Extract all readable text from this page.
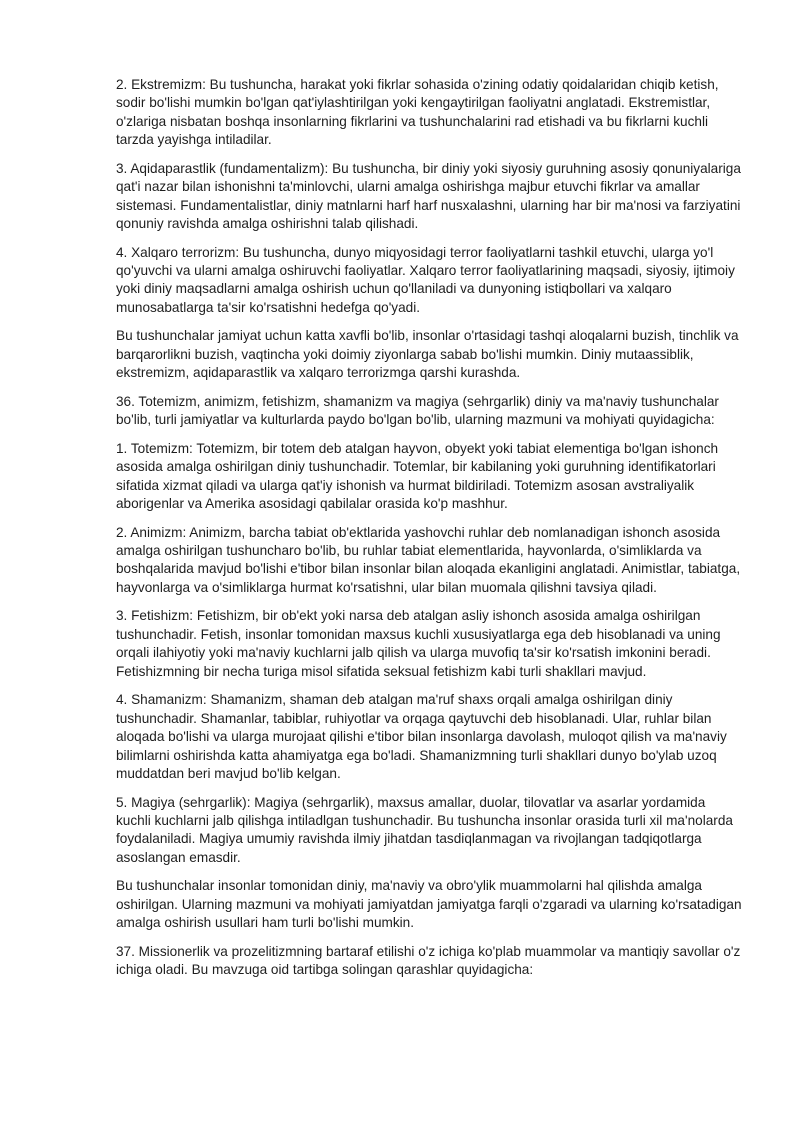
2. Ekstremizm: Bu tushuncha, harakat yoki fikrlar sohasida o'zining odatiy qoidalaridan chiqib ketish, sodir bo'lishi mumkin bo'lgan qat'iylashtirilgan yoki kengaytirilgan faoliyatni anglatadi. Ekstremistlar, o'zlariga nisbatan boshqa insonlarning fikrlarini va tushunchalarini rad etishadi va bu fikrlarni kuchli tarzda yayishga intiladilar.

3. Aqidaparastlik (fundamentalizm): Bu tushuncha, bir diniy yoki siyosiy guruhning asosiy qonuniyalariga qat'i nazar bilan ishonishni ta'minlovchi, ularni amalga oshirishga majbur etuvchi fikrlar va amallar sistemasi. Fundamentalistlar, diniy matnlarni harf harf nusxalashni, ularning har bir ma'nosi va farziyatini qonuniy ravishda amalga oshirishni talab qilishadi.

4. Xalqaro terrorizm: Bu tushuncha, dunyo miqyosidagi terror faoliyatlarni tashkil etuvchi, ularga yo'l qo'yuvchi va ularni amalga oshiruvchi faoliyatlar. Xalqaro terror faoliyatlarining maqsadi, siyosiy, ijtimoiy yoki diniy maqsadlarni amalga oshirish uchun qo'llaniladi va dunyoning istiqbollari va xalqaro munosabatlarga ta'sir ko'rsatishni hedefga qo'yadi.

Bu tushunchalar jamiyat uchun katta xavfli bo'lib, insonlar o'rtasidagi tashqi aloqalarni buzish, tinchlik va barqarorlikni buzish, vaqtincha yoki doimiy ziyonlarga sabab bo'lishi mumkin. Diniy mutaassiblik, ekstremizm, aqidaparastlik va xalqaro terrorizmga qarshi kurashda.

36. Totemizm, animizm, fetishizm, shamanizm va magiya (sehrgarlik) diniy va ma'naviy tushunchalar bo'lib, turli jamiyatlar va kulturlarda paydo bo'lgan bo'lib, ularning mazmuni va mohiyati quyidagicha:

1. Totemizm: Totemizm, bir totem deb atalgan hayvon, obyekt yoki tabiat elementiga bo'lgan ishonch asosida amalga oshirilgan diniy tushunchadir. Totemlar, bir kabilaning yoki guruhning identifikatorlari sifatida xizmat qiladi va ularga qat'iy ishonish va hurmat bildiriladi. Totemizm asosan avstraliyalik aborigenlar va Amerika asosidagi qabilalar orasida ko'p mashhur.

2. Animizm: Animizm, barcha tabiat ob'ektlarida yashovchi ruhlar deb nomlanadigan ishonch asosida amalga oshirilgan tushuncharo bo'lib, bu ruhlar tabiat elementlarida, hayvonlarda, o'simliklarda va boshqalarida mavjud bo'lishi e'tibor bilan insonlar bilan aloqada ekanligini anglatadi. Animistlar, tabiatga, hayvonlarga va o'simliklarga hurmat ko'rsatishni, ular bilan muomala qilishni tavsiya qiladi.

3. Fetishizm: Fetishizm, bir ob'ekt yoki narsa deb atalgan asliy ishonch asosida amalga oshirilgan tushunchadir. Fetish, insonlar tomonidan maxsus kuchli xususiyatlarga ega deb hisoblanadi va uning orqali ilahiyotiy yoki ma'naviy kuchlarni jalb qilish va ularga muvofiq ta'sir ko'rsatish imkonini beradi. Fetishizmning bir necha turiga misol sifatida seksual fetishizm kabi turli shakllari mavjud.

4. Shamanizm: Shamanizm, shaman deb atalgan ma'ruf shaxs orqali amalga oshirilgan diniy tushunchadir. Shamanlar, tabiblar, ruhiyotlar va orqaga qaytuvchi deb hisoblanadi. Ular, ruhlar bilan aloqada bo'lishi va ularga murojaat qilishi e'tibor bilan insonlarga davolash, muloqot qilish va ma'naviy bilimlarni oshirishda katta ahamiyatga ega bo'ladi. Shamanizmning turli shakllari dunyo bo'ylab uzoq muddatdan beri mavjud bo'lib kelgan.

5. Magiya (sehrgarlik): Magiya (sehrgarlik), maxsus amallar, duolar, tilovatlar va asarlar yordamida kuchli kuchlarni jalb qilishga intiladlgan tushunchadir. Bu tushuncha insonlar orasida turli xil ma'nolarda foydalaniladi. Magiya umumiy ravishda ilmiy jihatdan tasdiqlanmagan va rivojlangan tadqiqotlarga asoslangan emasdir.

Bu tushunchalar insonlar tomonidan diniy, ma'naviy va obro'ylik muammolarni hal qilishda amalga oshirilgan. Ularning mazmuni va mohiyati jamiyatdan jamiyatga farqli o'zgaradi va ularning ko'rsatadigan amalga oshirish usullari ham turli bo'lishi mumkin.

37. Missionerlik va prozelitizmning bartaraf etilishi o'z ichiga ko'plab muammolar va mantiqiy savollar o'z ichiga oladi. Bu mavzuga oid tartibga solingan qarashlar quyidagicha:
